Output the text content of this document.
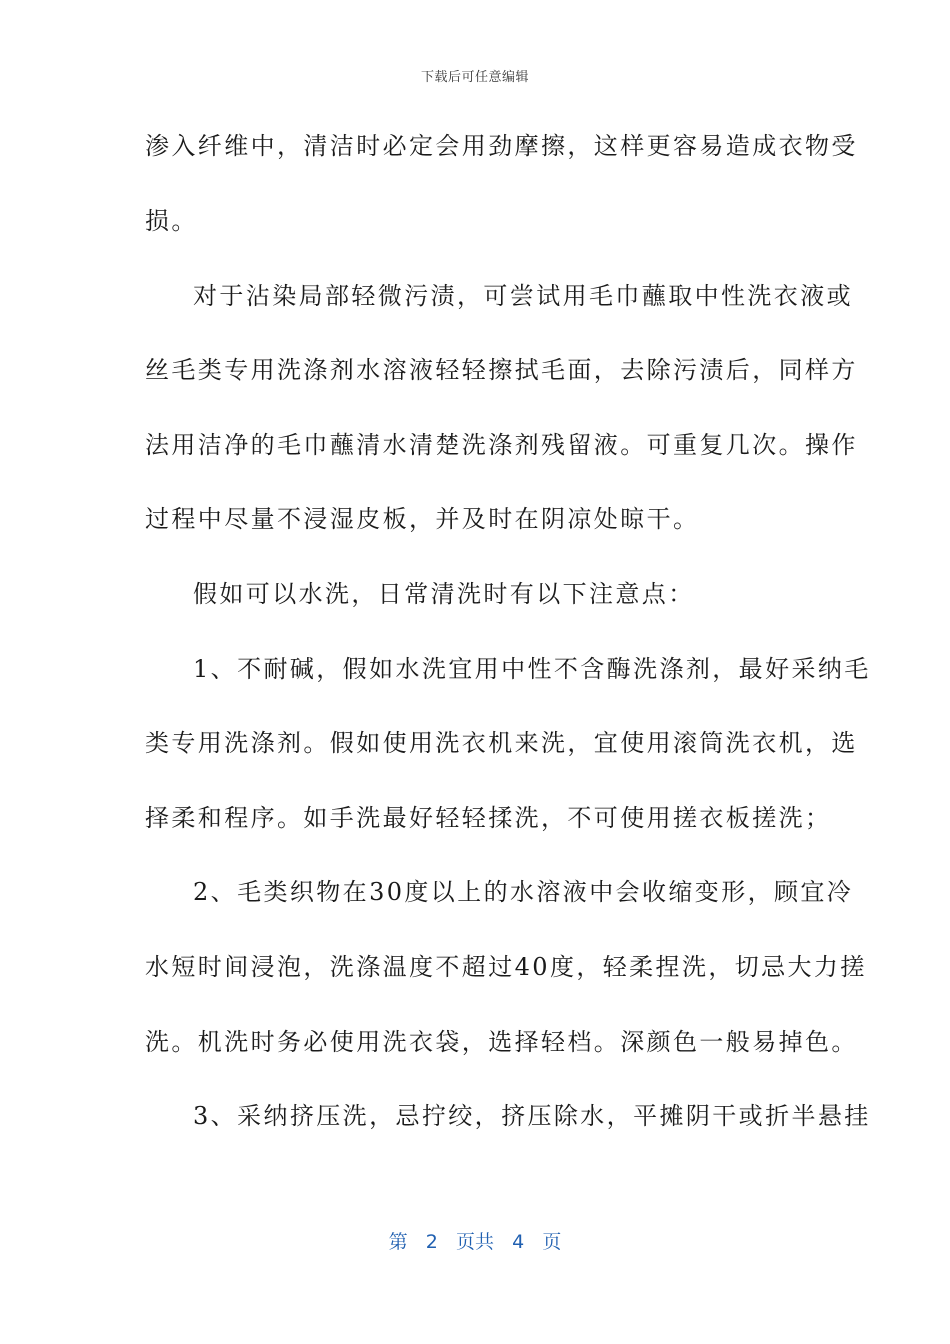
下载后可任意编辑
渗入纤维中，清洁时必定会用劲摩擦，这样更容易造成衣物受
损。
对于沾染局部轻微污渍，可尝试用毛巾蘸取中性洗衣液或
丝毛类专用洗涤剂水溶液轻轻擦拭毛面，去除污渍后，同样方
法用洁净的毛巾蘸清水清楚洗涤剂残留液。可重复几次。操作
过程中尽量不浸湿皮板，并及时在阴凉处晾干。
假如可以水洗，日常清洗时有以下注意点：
1、不耐碱，假如水洗宜用中性不含酶洗涤剂，最好采纳毛
类专用洗涤剂。假如使用洗衣机来洗，宜使用滚筒洗衣机，选
择柔和程序。如手洗最好轻轻揉洗，不可使用搓衣板搓洗；
2、毛类织物在30度以上的水溶液中会收缩变形，顾宜冷
水短时间浸泡，洗涤温度不超过40度，轻柔捏洗，切忌大力搓
洗。机洗时务必使用洗衣袋，选择轻档。深颜色一般易掉色。
3、采纳挤压洗，忌拧绞，挤压除水，平摊阴干或折半悬挂
第 2 页共 4 页
